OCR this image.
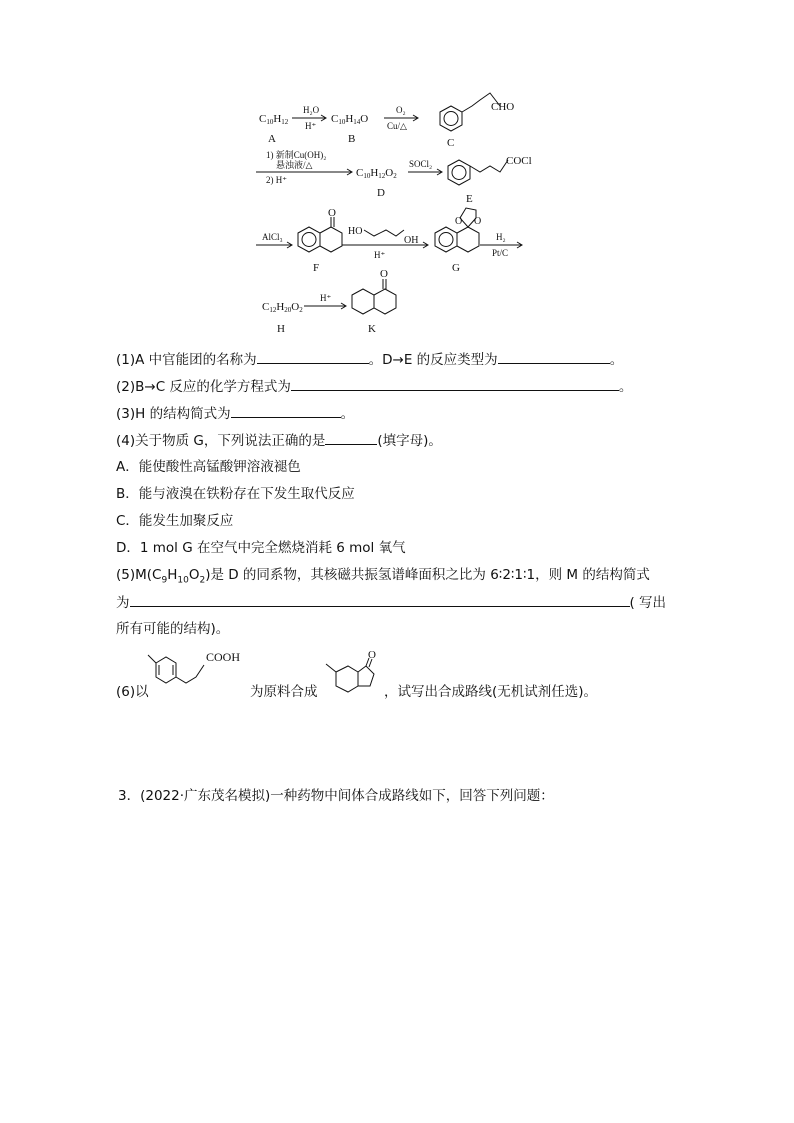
C10H12
A
H₂O
H⁺
C10H14O
B
O₂
Cu/△
CHO
C
1) 新制Cu(OH)₂
悬浊液/△
2) H⁺
C10H12O2
D
SOCl₂	COCl
E
AlCl₃
O
F
HO
OH
H⁺
O O
G
H₂
Pt/C
C12H20O2
H
H⁺
O
K
(1)A 中官能团的名称为	。D→E 的反应类型为	。
(2)B→C 反应的化学方程式为	。
(3)H 的结构简式为	。
(4)关于物质 G，下列说法正确的是	(填字母)。
A．能使酸性高锰酸钾溶液褪色
B．能与液溴在铁粉存在下发生取代反应
C．能发生加聚反应
D．1 mol G 在空气中完全燃烧消耗 6 mol 氧气
$(5)M(C_9H_{10}O_2)$是 D 的同系物，其核磁共振氢谱峰面积之比为 6∶2∶1∶1，则 M 的结构简式
为	( 写出
所有可能的结构)。
(6)以
COOH
为原料合成
O
，试写出合成路线(无机试剂任选)。
3．(2022·广东茂名模拟)一种药物中间体合成路线如下，回答下列问题：
